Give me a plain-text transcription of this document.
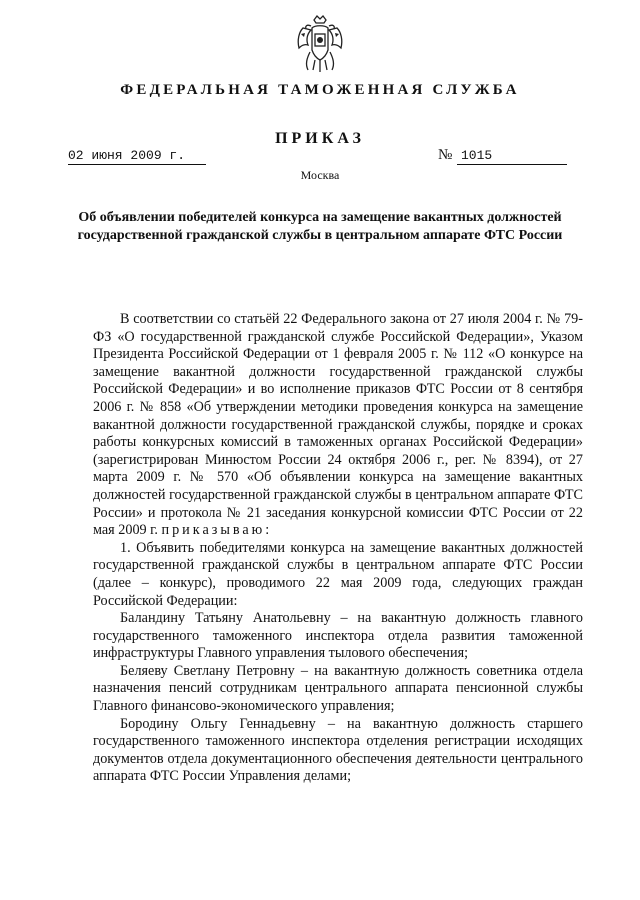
ФЕДЕРАЛЬНАЯ ТАМОЖЕННАЯ СЛУЖБА
ПРИКАЗ
02 июня 2009 г.	№ 1015
Москва
Об объявлении победителей конкурса на замещение вакантных должностей государственной гражданской службы в центральном аппарате ФТС России

В соответствии со статьёй 22 Федерального закона от 27 июля 2004 г. № 79-ФЗ «О государственной гражданской службе Российской Федерации», Указом Президента Российской Федерации от 1 февраля 2005 г. № 112 «О конкурсе на замещение вакантной должности государственной гражданской службы Российской Федерации» и во исполнение приказов ФТС России от 8 сентября 2006 г. № 858 «Об утверждении методики проведения конкурса на замещение вакантной должности государственной гражданской службы, порядке и сроках работы конкурсных комиссий в таможенных органах Российской Федерации» (зарегистрирован Минюстом России 24 октября 2006 г., рег. № 8394), от 27 марта 2009 г. № 570 «Об объявлении конкурса на замещение вакантных должностей государственной гражданской службы в центральном аппарате ФТС России» и протокола № 21 заседания конкурсной комиссии ФТС России от 22 мая 2009 г. приказываю:

1. Объявить победителями конкурса на замещение вакантных должностей государственной гражданской службы в центральном аппарате ФТС России (далее – конкурс), проводимого 22 мая 2009 года, следующих граждан Российской Федерации:

Баландину Татьяну Анатольевну – на вакантную должность главного государственного таможенного инспектора отдела развития таможенной инфраструктуры Главного управления тылового обеспечения;

Беляеву Светлану Петровну – на вакантную должность советника отдела назначения пенсий сотрудникам центрального аппарата пенсионной службы Главного финансово-экономического управления;

Бородину Ольгу Геннадьевну – на вакантную должность старшего государственного таможенного инспектора отделения регистрации исходящих документов отдела документационного обеспечения деятельности центрального аппарата ФТС России Управления делами;
